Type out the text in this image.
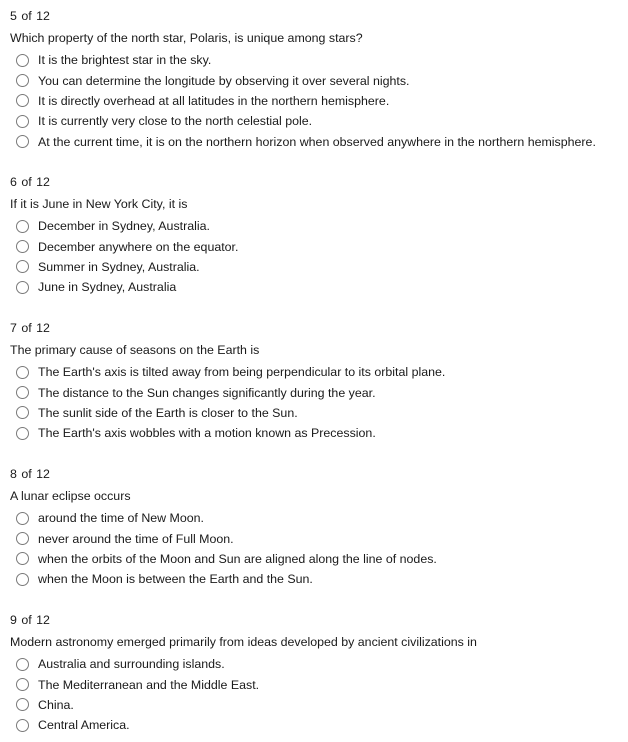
5 of 12
Which property of the north star, Polaris, is unique among stars?
It is the brightest star in the sky.
You can determine the longitude by observing it over several nights.
It is directly overhead at all latitudes in the northern hemisphere.
It is currently very close to the north celestial pole.
At the current time, it is on the northern horizon when observed anywhere in the northern hemisphere.
6 of 12
If it is June in New York City, it is
December in Sydney, Australia.
December anywhere on the equator.
Summer in Sydney, Australia.
June in Sydney, Australia
7 of 12
The primary cause of seasons on the Earth is
The Earth's axis is tilted away from being perpendicular to its orbital plane.
The distance to the Sun changes significantly during the year.
The sunlit side of the Earth is closer to the Sun.
The Earth's axis wobbles with a motion known as Precession.
8 of 12
A lunar eclipse occurs
around the time of New Moon.
never around the time of Full Moon.
when the orbits of the Moon and Sun are aligned along the line of nodes.
when the Moon is between the Earth and the Sun.
9 of 12
Modern astronomy emerged primarily from ideas developed by ancient civilizations in
Australia and surrounding islands.
The Mediterranean and the Middle East.
China.
Central America.
